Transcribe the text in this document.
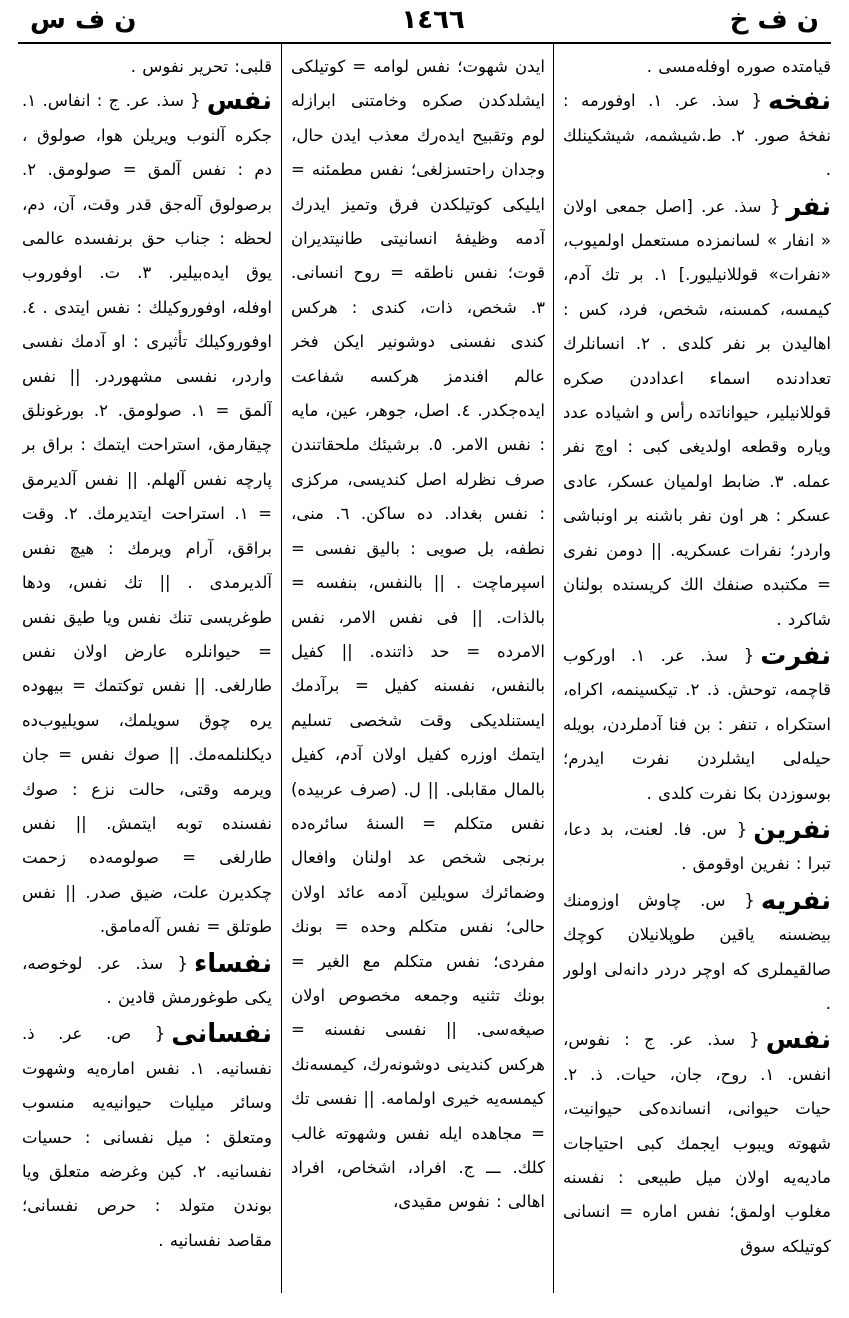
ن ف خ
١٤٦٦
ن ف س

قیامتده صوره اوفله‌مسی .

نفخه
{ سذ. عر. ١. اوفورمه : نفخهٔ صور. ٢. ط.شیشمه، شیشکینلك .
نفر
{ سذ. عر. [اصل جمعی اولان « انفار » لسانمزده مستعمل اولمیوب، «نفرات» قوللانیلیور.] ١. بر تك آدم، کیمسه، کمسنه، شخص، فرد، کس : اهالیدن بر نفر کلدی . ٢. انسانلرك تعدادنده اسماء اعداددن صکره قوللانیلیر، حیواناتده رأس و اشیاده عدد ویاره وقطعه اولدیغی کبی : اوچ نفر عمله. ٣. ضابط اولمیان عسکر، عادی عسکر : هر اون نفر باشنه بر اونباشی واردر؛ نفرات عسکریه. || دومن نفری = مکتبده صنفك الك کریسنده بولنان شاکرد .
نفرت
{ سذ. عر. ١. اورکوب قاچمه، توحش. ذ. ٢. تیکسینمه، اکراه، استکراه ، تنفر : بن فنا آدملردن، بویله حیله‌لی ایشلردن نفرت ایدرم؛ بوسوزدن بکا نفرت کلدی .
نفرین
{ س. فا. لعنت، بد دعا، تبرا : نفرین اوقومق .
نفریه
{ س. چاوش اوزومنك بیضسنه یاقین طوپلانیلان کوچك صالقیملری که اوچر دردر دانه‌لی اولور .
نفس
{ سذ. عر. ج : نفوس، انفس. ١. روح، جان، حیات. ذ. ٢. حیات حیوانی، انسانده‌کی حیوانیت، شهوته ویبوب ایجمك کبی احتیاجات مادیه‌یه اولان میل طبیعی : نفسنه مغلوب اولمق؛ نفس اماره = انسانی کوتیلکه سوق

ایدن شهوت؛ نفس لوامه = کوتیلکی ایشلدکدن صکره وخامتنی ابرازله لوم وتقبیح ایده‌رك معذب ایدن حال، وجدان راحتسزلغی؛ نفس مطمئنه = ایلیکی کوتیلکدن فرق وتمیز ایدرك آدمه وظیفهٔ انسانیتی طانیتدیران قوت؛ نفس ناطقه = روح انسانی. ٣. شخص، ذات، کندی : هرکس کندی نفسنی دوشونیر ایکن فخر عالم افندمز هرکسه شفاعت ایده‌جکدر. ٤. اصل، جوهر، عین، مایه : نفس الامر. ٥. برشیئك ملحقاتندن صرف نظرله اصل کندیسی، مرکزی : نفس بغداد. ده ساکن. ٦. منی، نطفه، بل صویی : بالیق نفسی = اسپرماچت . || بالنفس، بنفسه = بالذات. || فی نفس الامر، نفس الامرده = حد ذاتنده. || کفیل بالنفس، نفسنه کفیل = برآدمك ایستنلدیکی وقت شخصی تسلیم ایتمك اوزره کفیل اولان آدم، کفیل بالمال مقابلی. || ل. (صرف عربیده) نفس متکلم = السنهٔ سائره‌ده برنجی شخص عد اولنان وافعال وضمائرك سویلین آدمه عائد اولان حالی؛ نفس متکلم وحده = بونك مفردی؛ نفس متکلم مع الغیر = بونك تثنیه وجمعه مخصوص اولان صیغه‌سی. || نفسی نفسنه = هرکس کندینی دوشونه‌رك، کیمسه‌نك کیمسه‌یه خیری اولمامه. || نفسی تك = مجاهده ایله نفس وشهوته غالب کلك. ـــ ج. افراد، اشخاص، افراد اهالی : نفوس مقیدی،

قلبی: تحریر نفوس .

نفس
{ سذ. عر. ج : انفاس. ١. جکره آلنوب ویریلن هوا، صولوق ، دم : نفس آلمق = صولومق. ٢. برصولوق آله‌جق قدر وقت، آن، دم، لحظه : جناب حق برنفسده عالمی یوق ایده‌بیلیر. ٣. ت. اوفوروب اوفله، اوفوروکیلك : نفس ایتدی . ٤. اوفوروکیلك تأثیری : او آدمك نفسی واردر، نفسی مشهوردر. || نفس آلمق = ١. صولومق. ٢. بورغونلق چیقارمق، استراحت ایتمك : براق بر پارچه نفس آلهلم. || نفس آلدیرمق = ١. استراحت ایتدیرمك. ٢. وقت براقق، آرام ویرمك : هیچ نفس آلدیرمدی . || تك نفس، ودها طوغریسی تنك نفس ویا طیق نفس = حیوانلره عارض اولان نفس طارلغی. || نفس توکتمك = بیهوده یره چوق سویلمك، سویلیوب‌ده دیکلنلمه‌مك. || صوك نفس = جان ویرمه وقتی، حالت نزع : صوك نفسنده توبه ایتمش. || نفس طارلغی = صولومه‌ده زحمت چکدیرن علت، ضیق صدر. || نفس طوتلق = نفس آله‌مامق.
نفساء
{ سذ. عر. لوخوصه، یکی طوغورمش قادین .
نفسانی
{ ص. عر. ذ. نفسانیه. ١. نفس اماره‌یه وشهوت وسائر میلیات حیوانیه‌یه منسوب ومتعلق : میل نفسانی : حسیات نفسانیه. ٢. کین وغرضه متعلق ویا بوندن متولد : حرص نفسانی؛ مقاصد نفسانیه .
